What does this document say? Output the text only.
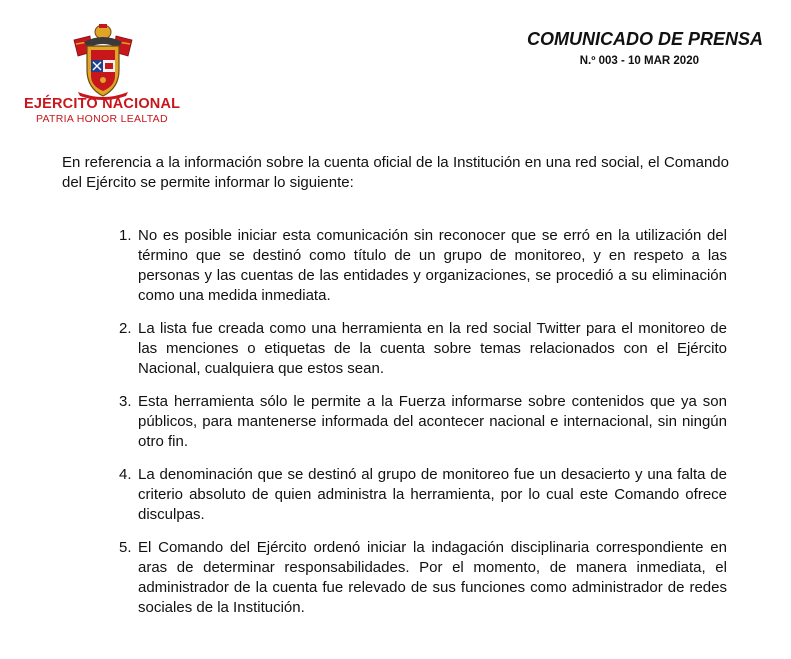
EJÉRCITO NACIONAL
PATRIA HONOR LEALTAD
COMUNICADO DE PRENSA
N.º 003 - 10 MAR 2020

En referencia a la información sobre la cuenta oficial de la Institución en una red social, el Comando del Ejército se permite informar lo siguiente:

1. No es posible iniciar esta comunicación sin reconocer que se erró en la utilización del término que se destinó como título de un grupo de monitoreo, y en respeto a las personas y las cuentas de las entidades y organizaciones, se procedió a su eliminación como una medida inmediata.
2. La lista fue creada como una herramienta en la red social Twitter para el monitoreo de las menciones o etiquetas de la cuenta sobre temas relacionados con el Ejército Nacional, cualquiera que estos sean.
3. Esta herramienta sólo le permite a la Fuerza informarse sobre contenidos que ya son públicos, para mantenerse informada del acontecer nacional e internacional, sin ningún otro fin.
4. La denominación que se destinó al grupo de monitoreo fue un desacierto y una falta de criterio absoluto de quien administra la herramienta, por lo cual este Comando ofrece disculpas.
5. El Comando del Ejército ordenó iniciar la indagación disciplinaria correspondiente en aras de determinar responsabilidades. Por el momento, de manera inmediata, el administrador de la cuenta fue relevado de sus funciones como administrador de redes sociales de la Institución.
